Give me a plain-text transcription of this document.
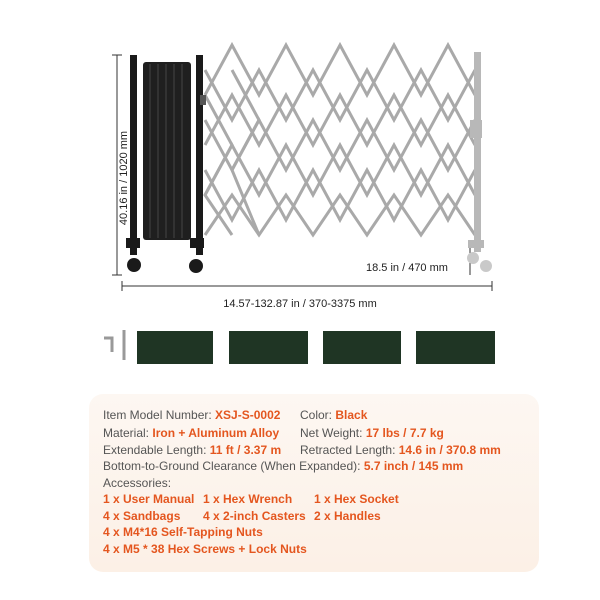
40.16 in / 1020 mm
18.5 in / 470 mm
14.57-132.87 in / 370-3375 mm
Item Model Number: XSJ-S-0002 Color: Black
Material: Iron + Aluminum Alloy Net Weight: 17 lbs / 7.7 kg
Extendable Length: 11 ft / 3.37 m Retracted Length: 14.6 in / 370.8 mm
Bottom-to-Ground Clearance (When Expanded): 5.7 inch / 145 mm
Accessories:
1 x User Manual 1 x Hex Wrench 1 x Hex Socket
4 x Sandbags 4 x 2-inch Casters 2 x Handles
4 x M4*16 Self-Tapping Nuts
4 x M5 * 38 Hex Screws + Lock Nuts
